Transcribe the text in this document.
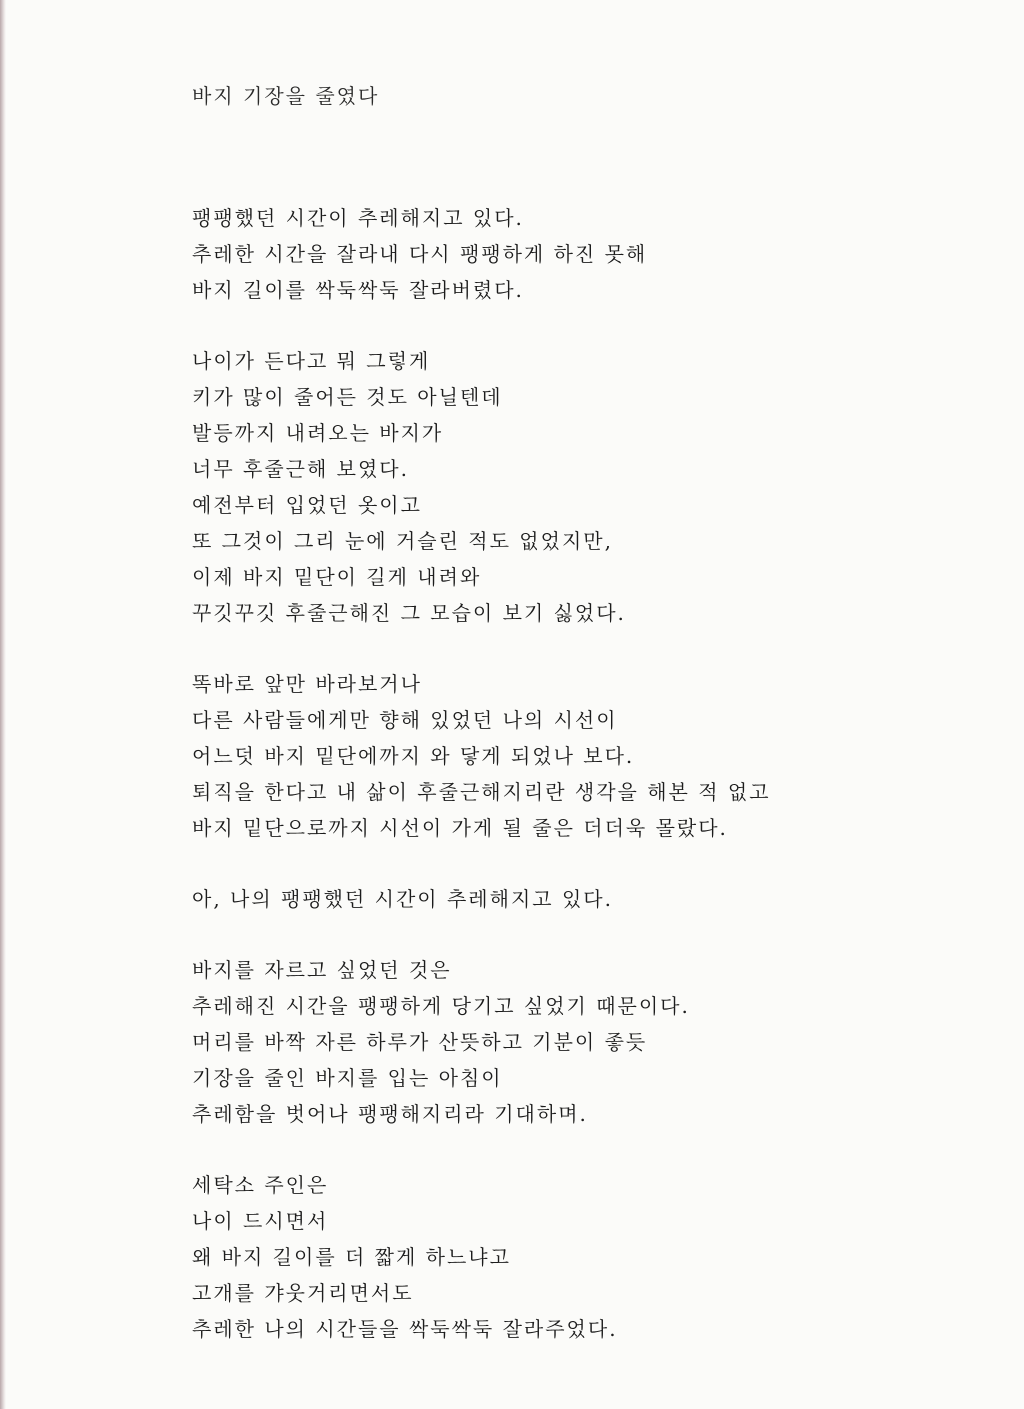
바지 기장을 줄였다
팽팽했던 시간이 추레해지고 있다.
추레한 시간을 잘라내 다시 팽팽하게 하진 못해
바지 길이를 싹둑싹둑 잘라버렸다.
나이가 든다고 뭐 그렇게
키가 많이 줄어든 것도 아닐텐데
발등까지 내려오는 바지가
너무 후줄근해 보였다.
예전부터 입었던 옷이고
또 그것이 그리 눈에 거슬린 적도 없었지만,
이제 바지 밑단이 길게 내려와
꾸깃꾸깃 후줄근해진 그 모습이 보기 싫었다.
똑바로 앞만 바라보거나
다른 사람들에게만 향해 있었던 나의 시선이
어느덧 바지 밑단에까지 와 닿게 되었나 보다.
퇴직을 한다고 내 삶이 후줄근해지리란 생각을 해본 적 없고
바지 밑단으로까지 시선이 가게 될 줄은 더더욱 몰랐다.
아, 나의 팽팽했던 시간이 추레해지고 있다.
바지를 자르고 싶었던 것은
추레해진 시간을 팽팽하게 당기고 싶었기 때문이다.
머리를 바짝 자른 하루가 산뜻하고 기분이 좋듯
기장을 줄인 바지를 입는 아침이
추레함을 벗어나 팽팽해지리라 기대하며.
세탁소 주인은
나이 드시면서
왜 바지 길이를 더 짧게 하느냐고
고개를 갸웃거리면서도
추레한 나의 시간들을 싹둑싹둑 잘라주었다.
